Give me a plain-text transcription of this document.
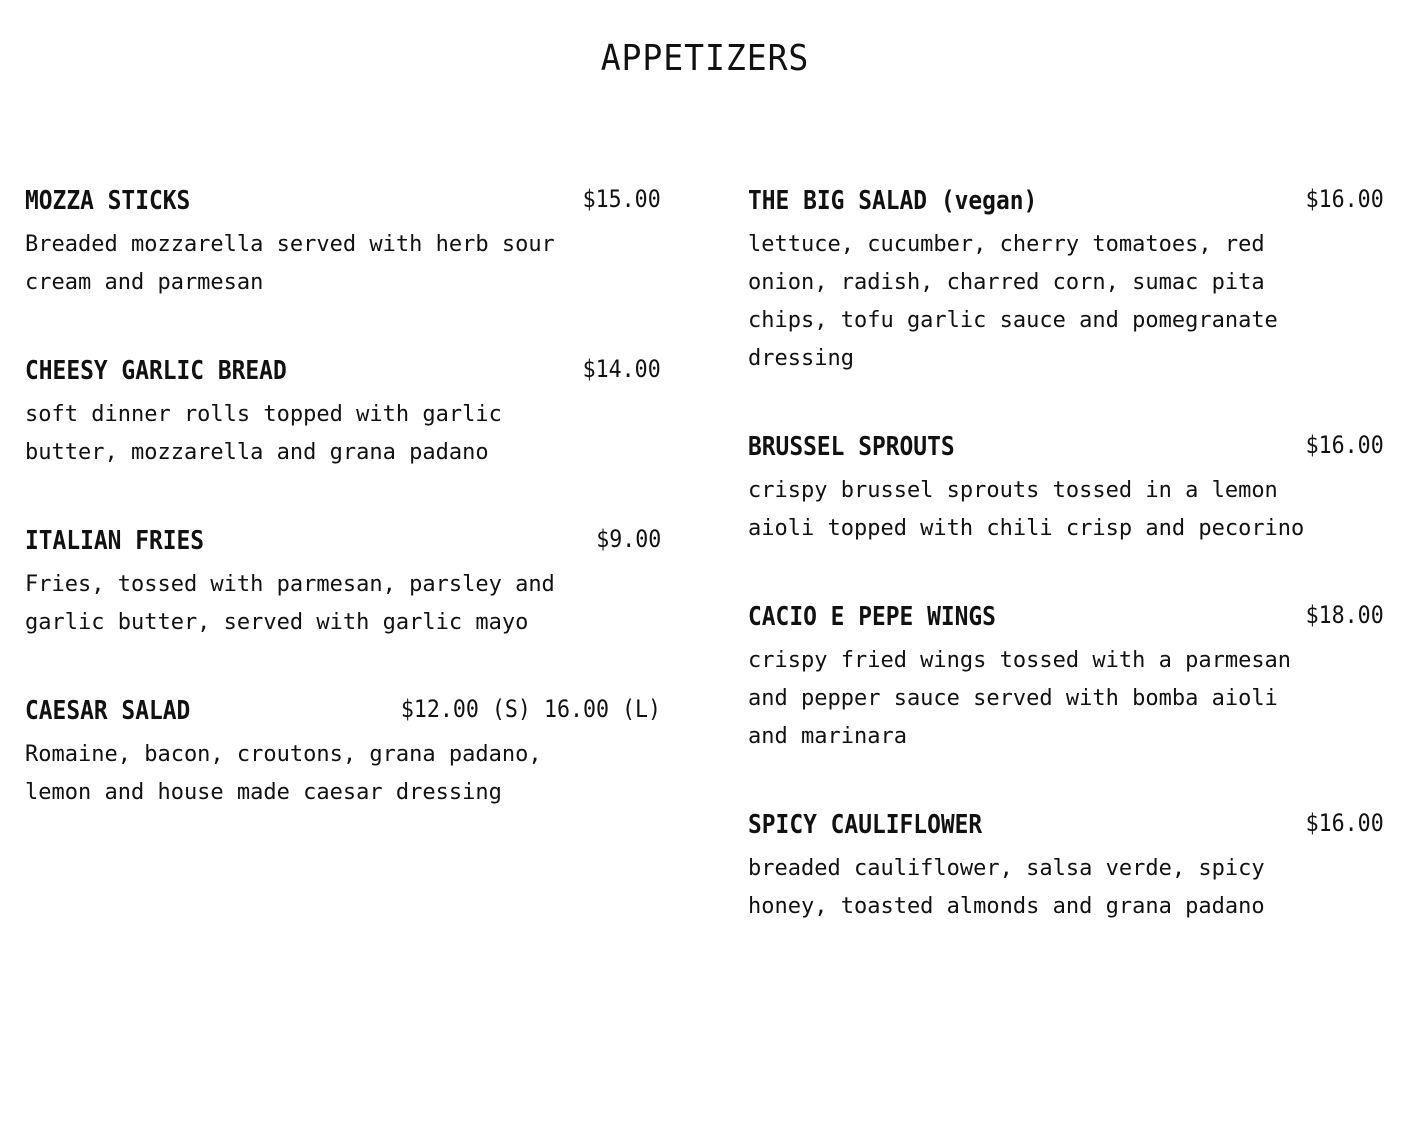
APPETIZERS
MOZZA STICKS	$15.00
Breaded mozzarella served with herb sour cream and parmesan
CHEESY GARLIC BREAD	$14.00
soft dinner rolls topped with garlic butter, mozzarella and grana padano
ITALIAN FRIES	$9.00
Fries, tossed with parmesan, parsley and garlic butter, served with garlic mayo
CAESAR SALAD	$12.00 (S) 16.00 (L)
Romaine, bacon, croutons, grana padano, lemon and house made caesar dressing
THE BIG SALAD (vegan)	$16.00
lettuce, cucumber, cherry tomatoes, red onion, radish, charred corn, sumac pita chips, tofu garlic sauce and pomegranate dressing
BRUSSEL SPROUTS	$16.00
crispy brussel sprouts tossed in a lemon aioli topped with chili crisp and pecorino
CACIO E PEPE WINGS	$18.00
crispy fried wings tossed with a parmesan and pepper sauce served with bomba aioli and marinara
SPICY CAULIFLOWER	$16.00
breaded cauliflower, salsa verde, spicy honey, toasted almonds and grana padano
